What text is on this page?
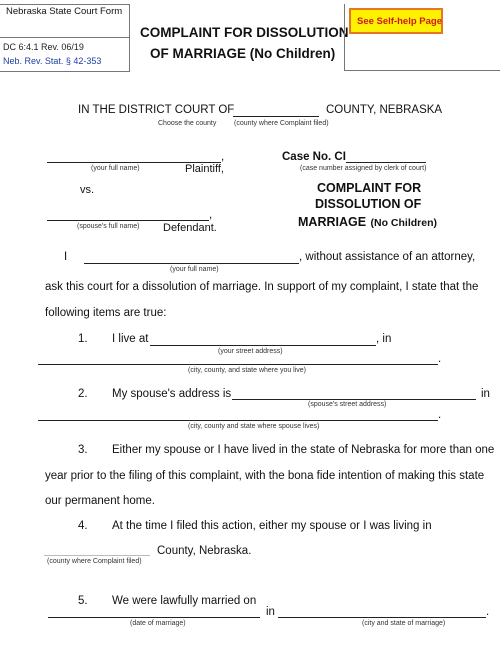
Nebraska State Court Form
DC 6:4.1 Rev. 06/19
Neb. Rev. Stat. § 42-353
COMPLAINT FOR DISSOLUTION
OF MARRIAGE (No Children)
See Self-help Page
IN THE DISTRICT COURT OF	COUNTY, NEBRASKA
Choose the county	(county where Complaint filed)
,
(your full name)	Plaintiff,
Case No. CI
(case number assigned by clerk of court)
vs.
,
(spouse's full name) Defendant.
COMPLAINT FOR
DISSOLUTION OF
MARRIAGE (No Children)
I	, without assistance of an attorney,
(your full name)
ask this court for a dissolution of marriage. In support of my complaint, I state that the
following items are true:
1. I live at	, in
(your street address)
.
(city, county, and state where you live)
2. My spouse's address is	in
(spouse's street address)
.
(city, county and state where spouse lives)
3. Either my spouse or I have lived in the state of Nebraska for more than one
year prior to the filing of this complaint, with the bona fide intention of making this state
our permanent home.
4. At the time I filed this action, either my spouse or I was living in
County, Nebraska.
(county where Complaint filed)
5. We were lawfully married on
in	.
(date of marriage)	(city and state of marriage)
